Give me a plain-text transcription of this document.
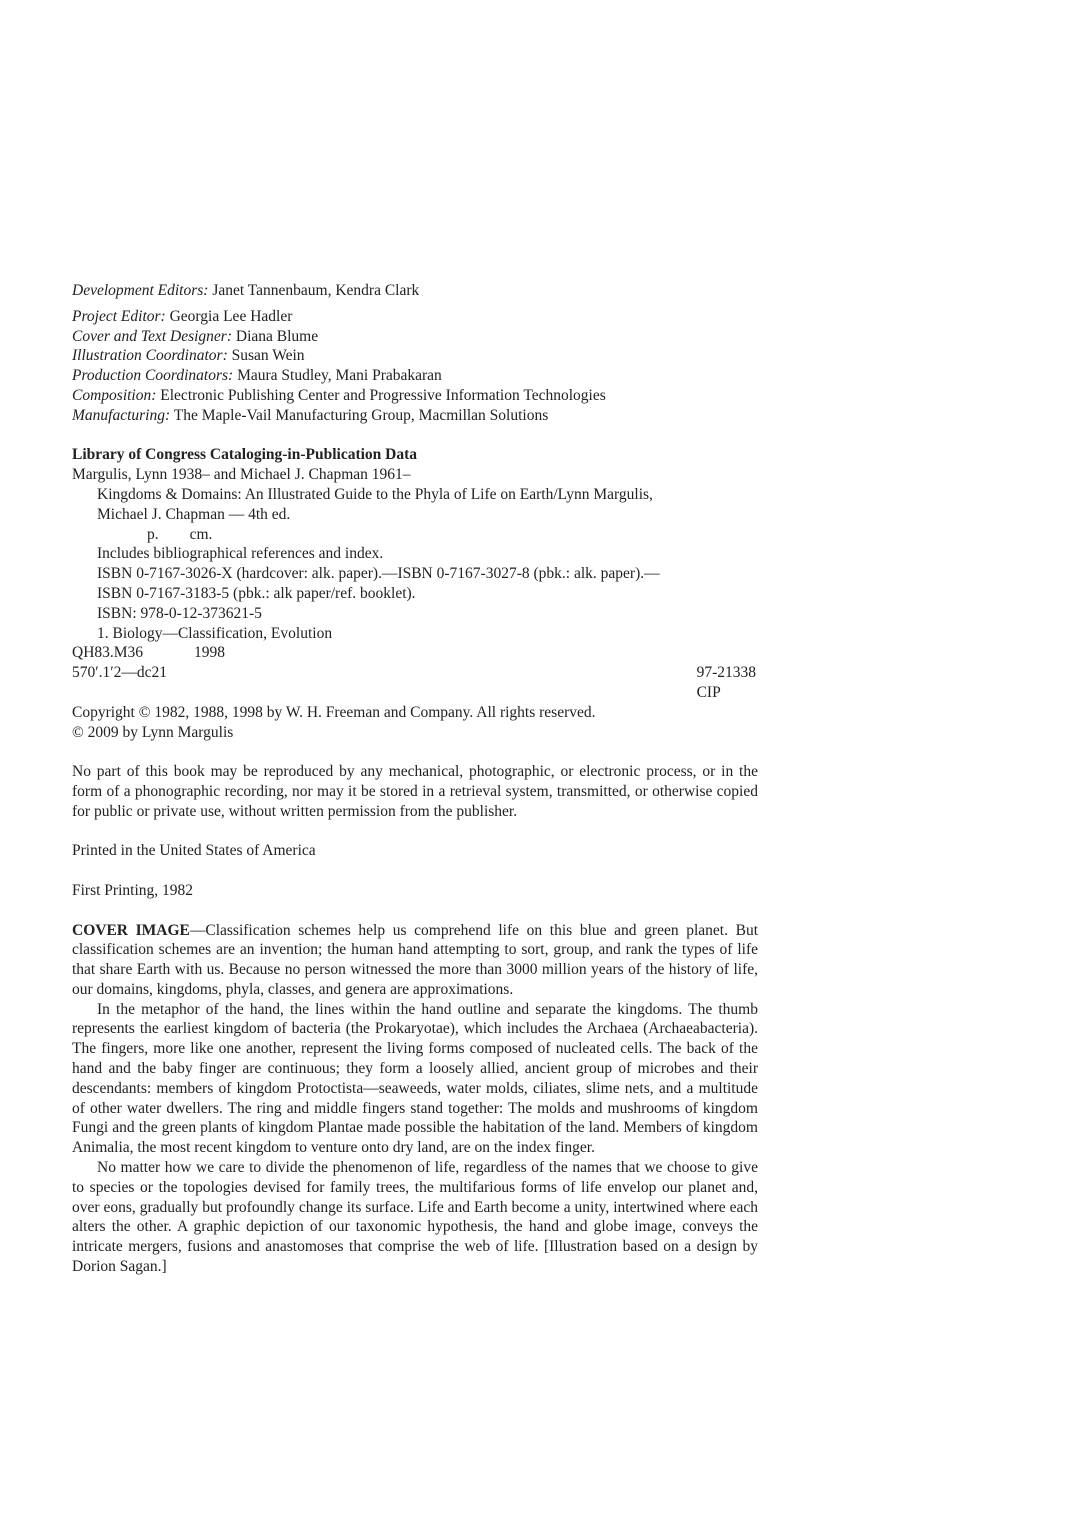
Development Editors: Janet Tannenbaum, Kendra Clark
Project Editor: Georgia Lee Hadler
Cover and Text Designer: Diana Blume
Illustration Coordinator: Susan Wein
Production Coordinators: Maura Studley, Mani Prabakaran
Composition: Electronic Publishing Center and Progressive Information Technologies
Manufacturing: The Maple-Vail Manufacturing Group, Macmillan Solutions
Library of Congress Cataloging-in-Publication Data
Margulis, Lynn 1938– and Michael J. Chapman 1961–
Kingdoms & Domains: An Illustrated Guide to the Phyla of Life on Earth/Lynn Margulis,
Michael J. Chapman — 4th ed.
p. cm.
Includes bibliographical references and index.
ISBN 0-7167-3026-X (hardcover: alk. paper).—ISBN 0-7167-3027-8 (pbk.: alk. paper).—
ISBN 0-7167-3183-5 (pbk.: alk paper/ref. booklet).
ISBN: 978-0-12-373621-5
1. Biology—Classification, Evolution
QH83.M36	1998
570′.1′2—dc21	97-21338
CIP
Copyright © 1982, 1988, 1998 by W. H. Freeman and Company. All rights reserved.
© 2009 by Lynn Margulis
No part of this book may be reproduced by any mechanical, photographic, or electronic process, or in the form of a phonographic recording, nor may it be stored in a retrieval system, transmitted, or otherwise copied for public or private use, without written permission from the publisher.
Printed in the United States of America
First Printing, 1982
COVER IMAGE—Classification schemes help us comprehend life on this blue and green planet. But classification schemes are an invention; the human hand attempting to sort, group, and rank the types of life that share Earth with us. Because no person witnessed the more than 3000 million years of the history of life, our domains, kingdoms, phyla, classes, and genera are approximations.
In the metaphor of the hand, the lines within the hand outline and separate the kingdoms. The thumb represents the earliest kingdom of bacteria (the Prokaryotae), which includes the Archaea (Archaeabacteria). The fingers, more like one another, represent the living forms composed of nucleated cells. The back of the hand and the baby finger are continuous; they form a loosely allied, ancient group of microbes and their descendants: members of kingdom Protoctista—seaweeds, water molds, ciliates, slime nets, and a multitude of other water dwellers. The ring and middle fingers stand together: The molds and mushrooms of kingdom Fungi and the green plants of kingdom Plantae made possible the habitation of the land. Members of kingdom Animalia, the most recent kingdom to venture onto dry land, are on the index finger.
No matter how we care to divide the phenomenon of life, regardless of the names that we choose to give to species or the topologies devised for family trees, the multifarious forms of life envelop our planet and, over eons, gradually but profoundly change its surface. Life and Earth become a unity, intertwined where each alters the other. A graphic depiction of our taxonomic hypothesis, the hand and globe image, conveys the intricate mergers, fusions and anastomoses that comprise the web of life. [Illustration based on a design by Dorion Sagan.]
